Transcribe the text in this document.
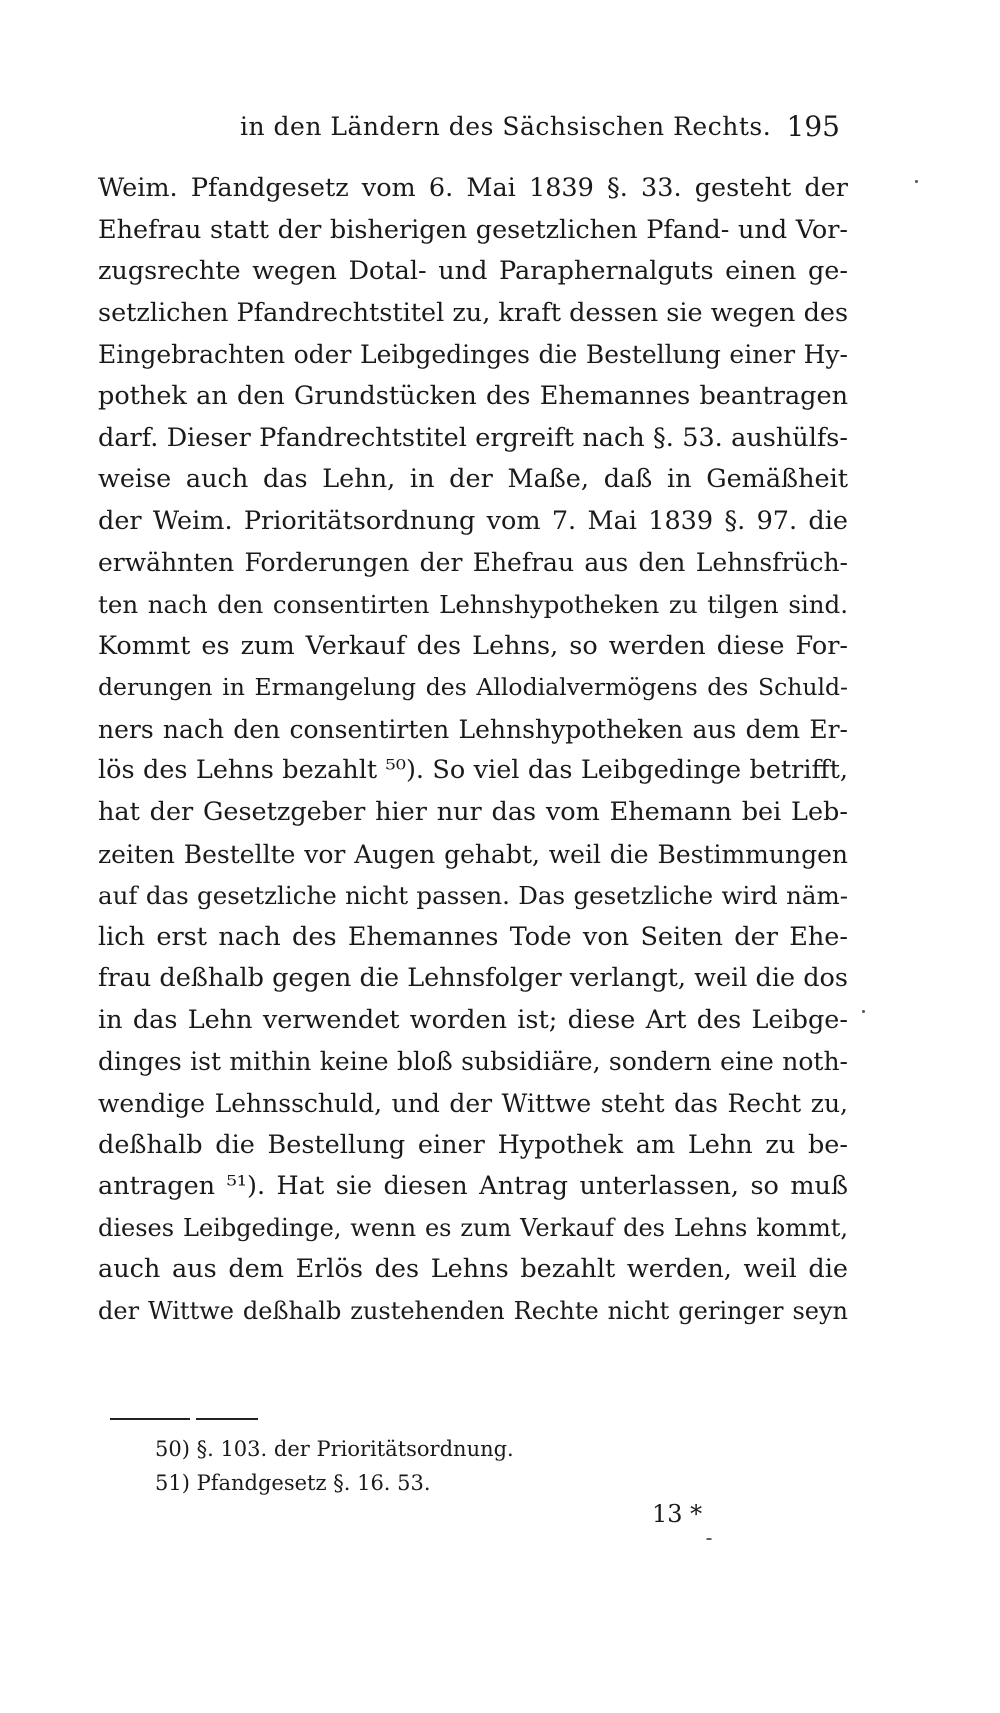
in den Ländern des Sächsischen Rechts. 195
Weim. Pfandgesetz vom 6. Mai 1839 §. 33. gesteht der
Ehefrau statt der bisherigen gesetzlichen Pfand- und Vor-
zugsrechte wegen Dotal- und Paraphernalguts einen ge-
setzlichen Pfandrechtstitel zu, kraft dessen sie wegen des
Eingebrachten oder Leibgedinges die Bestellung einer Hy-
pothek an den Grundstücken des Ehemannes beantragen
darf. Dieser Pfandrechtstitel ergreift nach §. 53. aushülfs-
weise auch das Lehn, in der Maße, daß in Gemäßheit
der Weim. Prioritätsordnung vom 7. Mai 1839 §. 97. die
erwähnten Forderungen der Ehefrau aus den Lehnsfrüch-
ten nach den consentirten Lehnshypotheken zu tilgen sind.
Kommt es zum Verkauf des Lehns, so werden diese For-
derungen in Ermangelung des Allodialvermögens des Schuld-
ners nach den consentirten Lehnshypotheken aus dem Er-
lös des Lehns bezahlt ⁵⁰). So viel das Leibgedinge betrifft,
hat der Gesetzgeber hier nur das vom Ehemann bei Leb-
zeiten Bestellte vor Augen gehabt, weil die Bestimmungen
auf das gesetzliche nicht passen. Das gesetzliche wird näm-
lich erst nach des Ehemannes Tode von Seiten der Ehe-
frau deßhalb gegen die Lehnsfolger verlangt, weil die dos
in das Lehn verwendet worden ist; diese Art des Leibge-
dinges ist mithin keine bloß subsidiäre, sondern eine noth-
wendige Lehnsschuld, und der Wittwe steht das Recht zu,
deßhalb die Bestellung einer Hypothek am Lehn zu be-
antragen ⁵¹). Hat sie diesen Antrag unterlassen, so muß
dieses Leibgedinge, wenn es zum Verkauf des Lehns kommt,
auch aus dem Erlös des Lehns bezahlt werden, weil die
der Wittwe deßhalb zustehenden Rechte nicht geringer seyn
50) §. 103. der Prioritätsordnung.
51) Pfandgesetz §. 16. 53.
13 *
